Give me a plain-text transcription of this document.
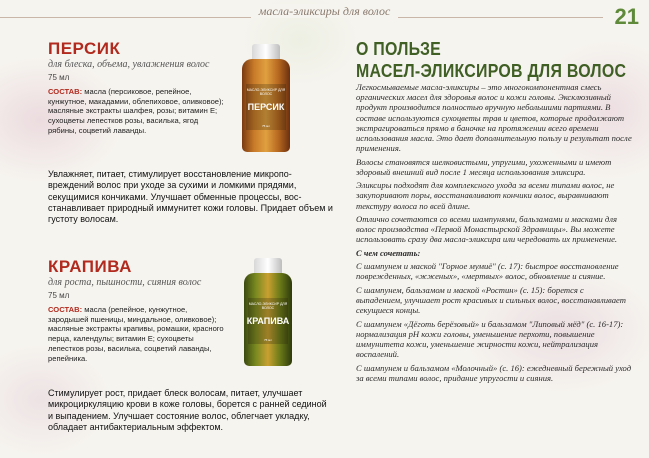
масла-эликсиры для волос	21
ПЕРСИК
для блеска, объема, увлажнения волос
75 мл
СОСТАВ: масла (персиковое, репейное, кунжутное, макадамии, облепиховое, оливковое); масляные экстракты шалфея, розы; витамин Е; сухоцветы лепестков розы, василька, ягод рябины, соцветий лаванды.
МАСЛО-ЭЛИКСИР ДЛЯ ВОЛОС
ПЕРСИК
75 мл
Увлажняет, питает, стимулирует восстановление микроповреждений волос при уходе за сухими и ломкими прядями, секущимися кончиками. Улучшает обменные процессы, восстанавливает природный иммунитет кожи головы. Придает объем и густоту волосам.
КРАПИВА
для роста, пышности, сияния волос
75 мл
СОСТАВ: масла (репейное, кунжутное, зародышей пшеницы, миндальное, оливковое); масляные экстракты крапивы, ромашки, красного перца, календулы; витамин Е; сухоцветы лепестков розы, василька, соцветий лаванды, репейника.
МАСЛО-ЭЛИКСИР ДЛЯ ВОЛОС
КРАПИВА
75 мл
Стимулирует рост, придает блеск волосам, питает, улучшает микроциркуляцию крови в коже головы, борется с ранней сединой и выпадением. Улучшает состояние волос, облегчает укладку, обладает антибактериальным эффектом.
О ПОЛЬЗЕ
МАСЕЛ-ЭЛИКСИРОВ ДЛЯ ВОЛОС

Легкосмываемые масла-эликсиры – это многокомпонентная смесь органических масел для здоровья волос и кожи головы. Эксклюзивный продукт производится полностью вручную небольшими партиями. В составе используются сухоцветы трав и цветов, которые продолжают экстрагироваться прямо в баночке на протяжении всего времени использования масла. Это дает дополнительную пользу и результат после применения.

Волосы становятся шелковистыми, упругими, ухоженными и имеют здоровый внешний вид после 1 месяца использования эликсира.

Эликсиры подходят для комплексного ухода за всеми типами волос, не закупоривают поры, восстанавливают кончики волос, выравнивают текстуру волоса по всей длине.

Отлично сочетаются со всеми шампунями, бальзамами и масками для волос производства «Первой Монастырской Здравницы». Вы можете использовать сразу два масла-эликсира или чередовать их применение.

С чем сочетать:

С шампунем и маской "Горное мумиё" (с. 17): быстрое восстановление поврежденных, «жженых», «мертвых» волос, обновление и сияние.

С шампунем, бальзамом и маской «Ростин» (с. 15): борется с выпадением, улучшает рост красивых и сильных волос, восстанавливает секущиеся концы.

С шампунем «Дёготь берёзовый» и бальзамом "Липовый мёд" (с. 16-17): нормализация pH кожи головы, уменьшение перхоти, повышение иммунитета кожи, уменьшение жирности кожи, нейтрализация воспалений.

С шампунем и бальзамом «Молочный» (с. 16): ежедневный бережный уход за всеми типами волос, придание упругости и сияния.
